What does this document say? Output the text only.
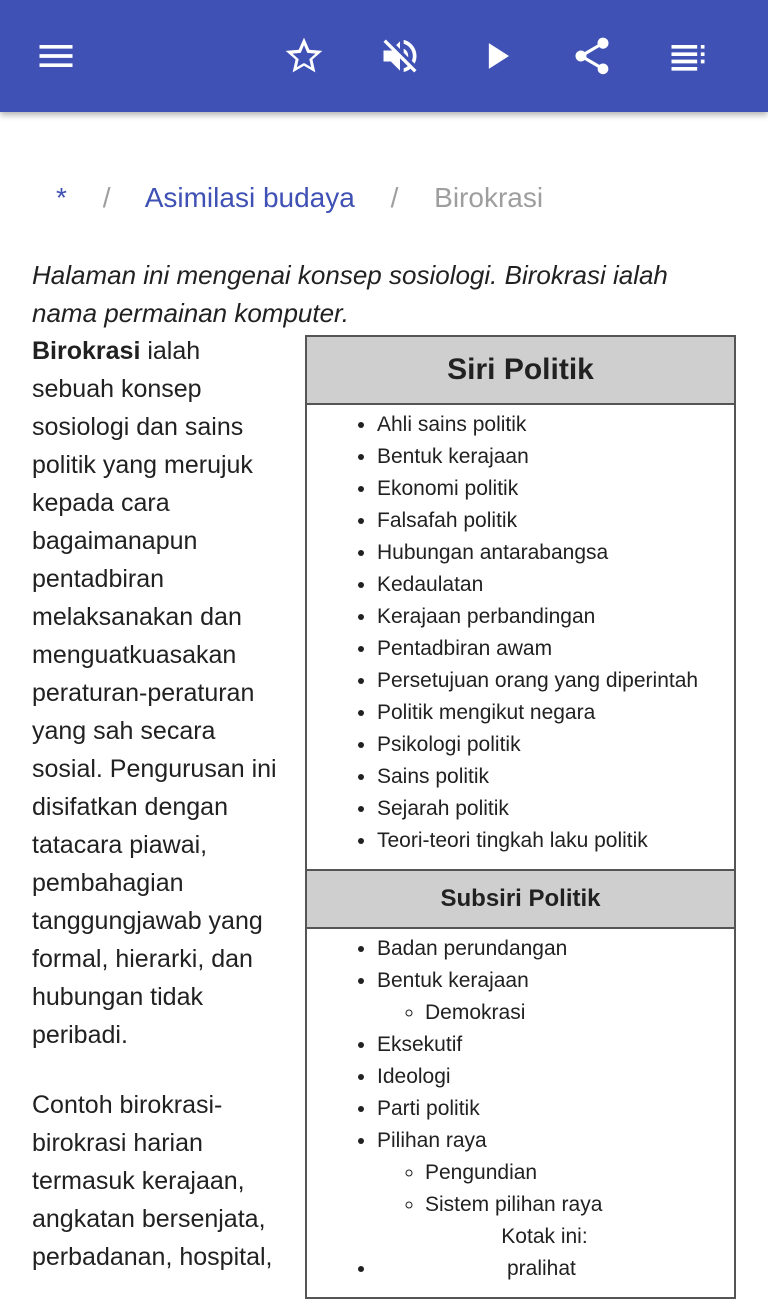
* / Asimilasi budaya / Birokrasi
Halaman ini mengenai konsep sosiologi. Birokrasi ialah nama permainan komputer.

Birokrasi ialah sebuah konsep sosiologi dan sains politik yang merujuk kepada cara bagaimanapun pentadbiran melaksanakan dan menguatkuasakan peraturan-peraturan yang sah secara sosial. Pengurusan ini disifatkan dengan tatacara piawai, pembahagian tanggungjawab yang formal, hierarki, dan hubungan tidak peribadi.

Contoh birokrasi-birokrasi harian termasuk kerajaan, angkatan bersenjata, perbadanan, hospital,

Siri Politik
• Ahli sains politik
• Bentuk kerajaan
• Ekonomi politik
• Falsafah politik
• Hubungan antarabangsa
• Kedaulatan
• Kerajaan perbandingan
• Pentadbiran awam
• Persetujuan orang yang diperintah
• Politik mengikut negara
• Psikologi politik
• Sains politik
• Sejarah politik
• Teori-teori tingkah laku politik
Subsiri Politik
• Badan perundangan
• Bentuk kerajaan
◦ Demokrasi
• Eksekutif
• Ideologi
• Parti politik
• Pilihan raya
◦ Pengundian
◦ Sistem pilihan raya
Kotak ini:
• pralihat
